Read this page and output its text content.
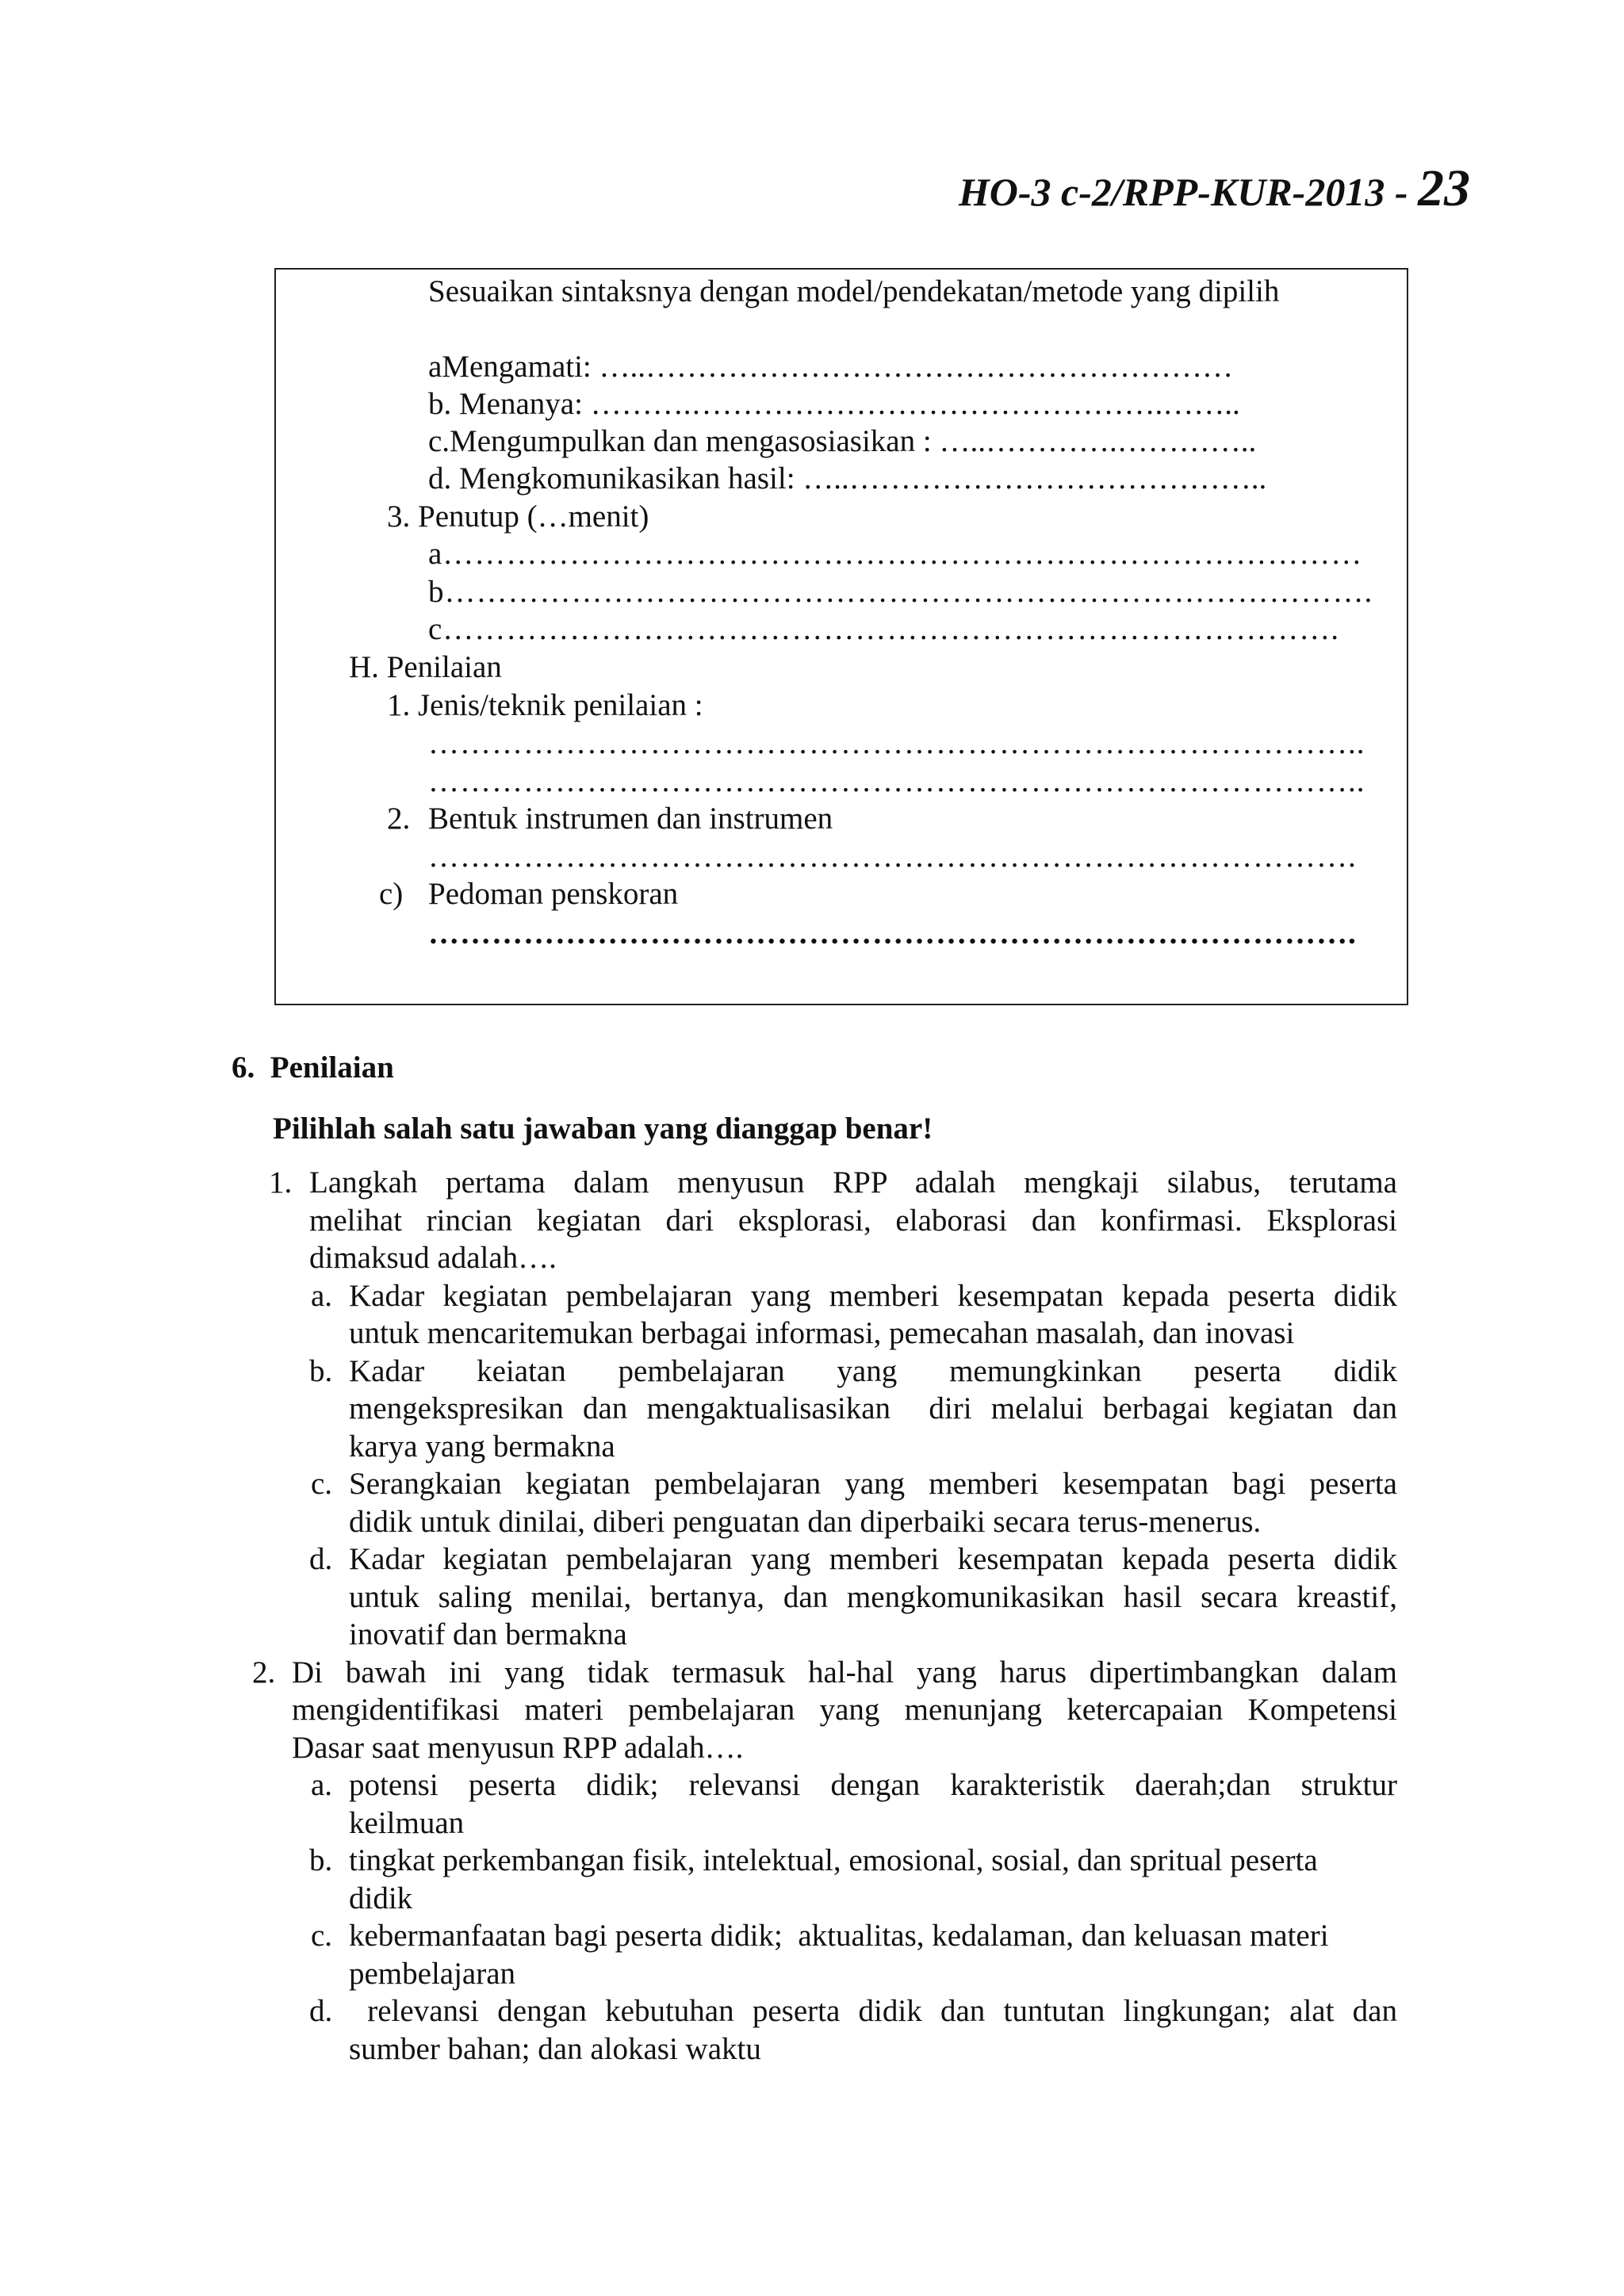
HO-3 c-2/RPP-KUR-2013 - 23
Sesuaikan sintaksnya dengan model/pendekatan/metode yang dipilih
aMengamati: …..…………………………………………………
b. Menanya: ……….……………………………………….……..
c.Mengumpulkan dan mengasosiasikan : …..………….…………..
d. Mengkomunikasikan hasil: …..…………………………………..
3. Penutup (…menit)
a……………………………………………………………………………
b…………………………………………………………………………….
c………………………………………………………………………….
H. Penilaian
1. Jenis/teknik penilaian :
……………………………………………………………………………..
……………………………………………………………………………..
2. Bentuk instrumen dan instrumen
…………………………………………………………………………….
c) Pedoman penskoran
…………………………………………………………………………….
6.  Penilaian
Pilihlah salah satu jawaban yang dianggap benar!
1. Langkah pertama dalam menyusun RPP adalah mengkaji silabus, terutama
melihat rincian kegiatan dari eksplorasi, elaborasi dan konfirmasi. Eksplorasi
dimaksud adalah….
a. Kadar kegiatan pembelajaran yang memberi kesempatan kepada peserta didik
untuk mencaritemukan berbagai informasi, pemecahan masalah, dan inovasi
b. Kadar keiatan pembelajaran yang memungkinkan peserta didik
mengekspresikan dan mengaktualisasikan  diri melalui berbagai kegiatan dan
karya yang bermakna
c. Serangkaian kegiatan pembelajaran yang memberi kesempatan bagi peserta
didik untuk dinilai, diberi penguatan dan diperbaiki secara terus-menerus.
d. Kadar kegiatan pembelajaran yang memberi kesempatan kepada peserta didik
untuk saling menilai, bertanya, dan mengkomunikasikan hasil secara kreastif,
inovatif dan bermakna
2. Di bawah ini yang tidak termasuk hal-hal yang harus dipertimbangkan dalam
mengidentifikasi materi pembelajaran yang menunjang ketercapaian Kompetensi
Dasar saat menyusun RPP adalah….
a. potensi peserta didik; relevansi dengan karakteristik daerah;dan struktur
keilmuan
b. tingkat perkembangan fisik, intelektual, emosional, sosial, dan spritual peserta
didik
c. kebermanfaatan bagi peserta didik;  aktualitas, kedalaman, dan keluasan materi
pembelajaran
d. relevansi dengan kebutuhan peserta didik dan tuntutan lingkungan; alat dan
sumber bahan; dan alokasi waktu
